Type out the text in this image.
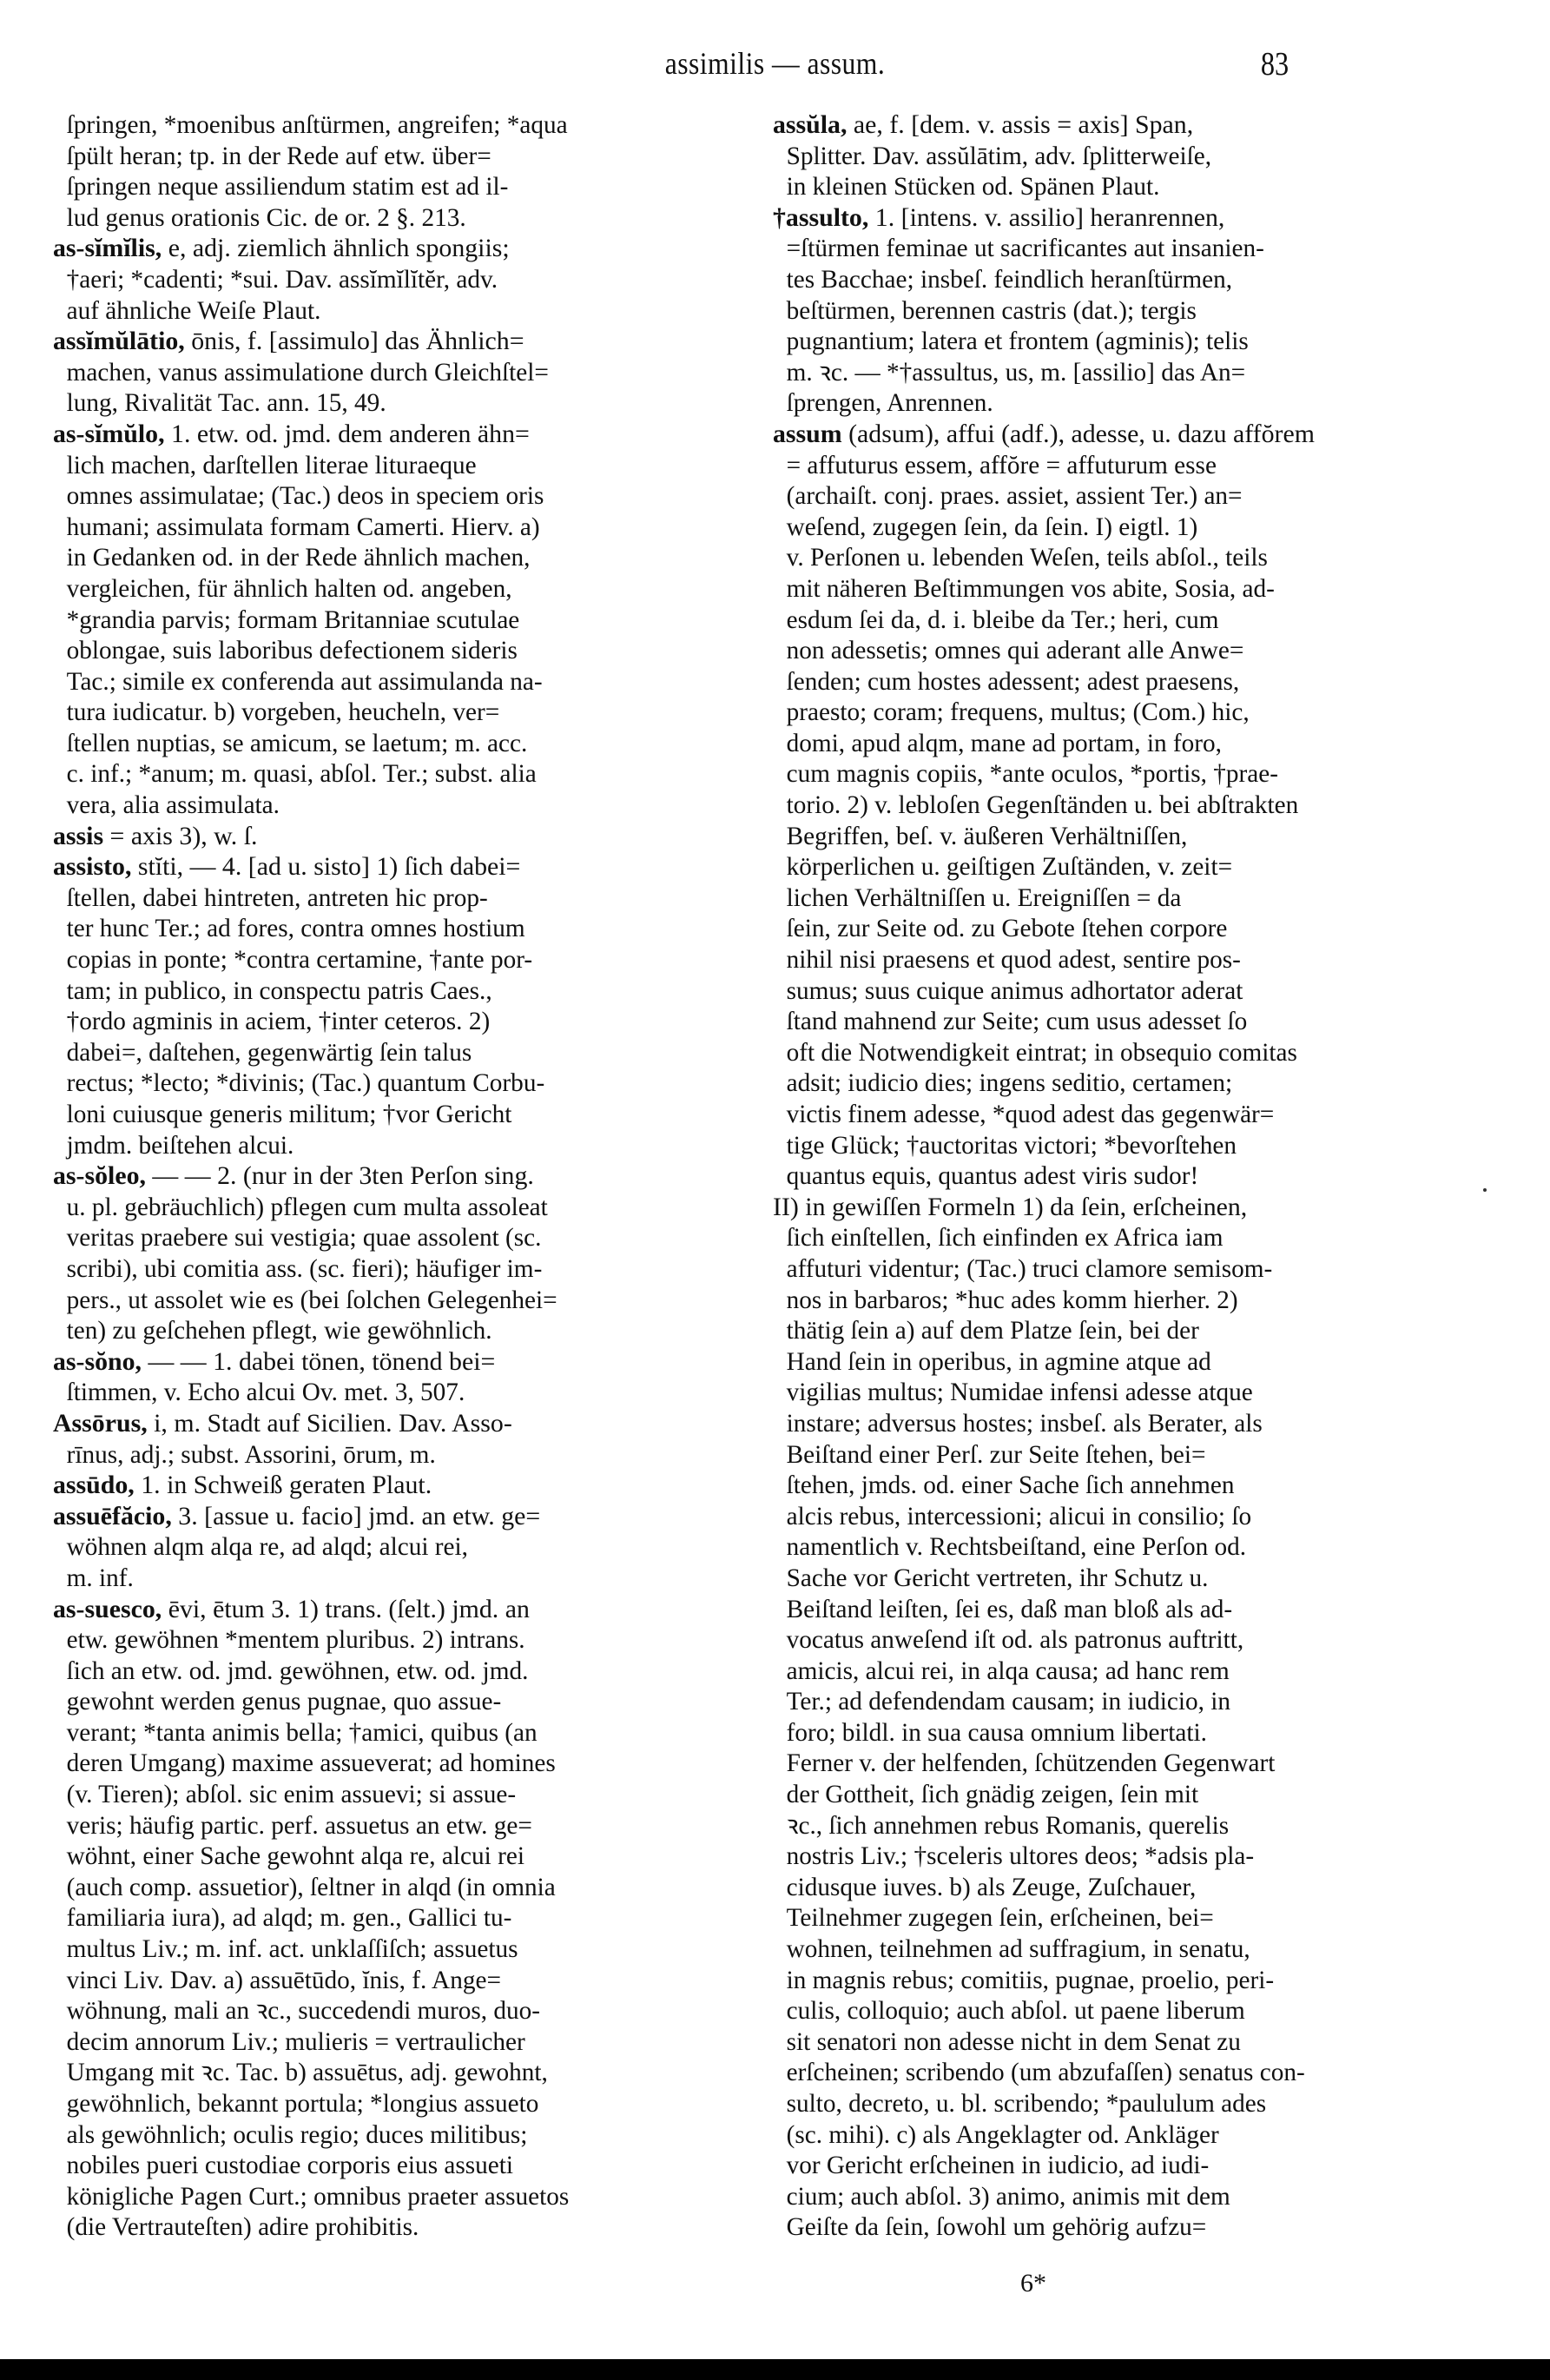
assimilis — assum.	83
ſpringen, *moenibus anſtürmen, angreifen; *aqua
ſpült heran; tp. in der Rede auf etw. über=
ſpringen neque assiliendum statim est ad il-
lud genus orationis Cic. de or. 2 §. 213.
as-sĭmĭlis, e, adj. ziemlich ähnlich spongiis;
†aeri; *cadenti; *sui. Dav. assĭmĭlĭtĕr, adv.
auf ähnliche Weiſe Plaut.
assĭmŭlātio, ōnis, f. [assimulo] das Ähnlich=
machen, vanus assimulatione durch Gleichſtel=
lung, Rivalität Tac. ann. 15, 49.
as-sĭmŭlo, 1. etw. od. jmd. dem anderen ähn=
lich machen, darſtellen literae lituraeque
omnes assimulatae; (Tac.) deos in speciem oris
humani; assimulata formam Camerti. Hierv. a)
in Gedanken od. in der Rede ähnlich machen,
vergleichen, für ähnlich halten od. angeben,
*grandia parvis; formam Britanniae scutulae
oblongae, suis laboribus defectionem sideris
Tac.; simile ex conferenda aut assimulanda na-
tura iudicatur. b) vorgeben, heucheln, ver=
ſtellen nuptias, se amicum, se laetum; m. acc.
c. inf.; *anum; m. quasi, abſol. Ter.; subst. alia
vera, alia assimulata.
assis = axis 3), w. ſ.
assisto, stĭti, — 4. [ad u. sisto] 1) ſich dabei=
ſtellen, dabei hintreten, antreten hic prop-
ter hunc Ter.; ad fores, contra omnes hostium
copias in ponte; *contra certamine, †ante por-
tam; in publico, in conspectu patris Caes.,
†ordo agminis in aciem, †inter ceteros. 2)
dabei=, daſtehen, gegenwärtig ſein talus
rectus; *lecto; *divinis; (Tac.) quantum Corbu-
loni cuiusque generis militum; †vor Gericht
jmdm. beiſtehen alcui.
as-sŏleo, — — 2. (nur in der 3ten Perſon sing.
u. pl. gebräuchlich) pflegen cum multa assoleat
veritas praebere sui vestigia; quae assolent (sc.
scribi), ubi comitia ass. (sc. fieri); häufiger im-
pers., ut assolet wie es (bei ſolchen Gelegenhei=
ten) zu geſchehen pflegt, wie gewöhnlich.
as-sŏno, — — 1. dabei tönen, tönend bei=
ſtimmen, v. Echo alcui Ov. met. 3, 507.
Assōrus, i, m. Stadt auf Sicilien. Dav. Asso-
rīnus, adj.; subst. Assorini, ōrum, m.
assūdo, 1. in Schweiß geraten Plaut.
assuēfăcio, 3. [assue u. facio] jmd. an etw. ge=
wöhnen alqm alqa re, ad alqd; alcui rei,
m. inf.
as-suesco, ēvi, ētum 3. 1) trans. (ſelt.) jmd. an
etw. gewöhnen *mentem pluribus. 2) intrans.
ſich an etw. od. jmd. gewöhnen, etw. od. jmd.
gewohnt werden genus pugnae, quo assue-
verant; *tanta animis bella; †amici, quibus (an
deren Umgang) maxime assueverat; ad homines
(v. Tieren); abſol. sic enim assuevi; si assue-
veris; häufig partic. perf. assuetus an etw. ge=
wöhnt, einer Sache gewohnt alqa re, alcui rei
(auch comp. assuetior), ſeltner in alqd (in omnia
familiaria iura), ad alqd; m. gen., Gallici tu-
multus Liv.; m. inf. act. unklaſſiſch; assuetus
vinci Liv. Dav. a) assuētūdo, ĭnis, f. Ange=
wöhnung, mali an ꝛc., succedendi muros, duo-
decim annorum Liv.; mulieris = vertraulicher
Umgang mit ꝛc. Tac. b) assuētus, adj. gewohnt,
gewöhnlich, bekannt portula; *longius assueto
als gewöhnlich; oculis regio; duces militibus;
nobiles pueri custodiae corporis eius assueti
königliche Pagen Curt.; omnibus praeter assuetos
(die Vertrauteſten) adire prohibitis.
assŭla, ae, f. [dem. v. assis = axis] Span,
Splitter. Dav. assŭlātim, adv. ſplitterweiſe,
in kleinen Stücken od. Spänen Plaut.
†assulto, 1. [intens. v. assilio] heranrennen,
=ſtürmen feminae ut sacrificantes aut insanien-
tes Bacchae; insbeſ. feindlich heranſtürmen,
beſtürmen, berennen castris (dat.); tergis
pugnantium; latera et frontem (agminis); telis
m. ꝛc. — *†assultus, us, m. [assilio] das An=
ſprengen, Anrennen.
assum (adsum), affui (adf.), adesse, u. dazu affŏrem
= affuturus essem, affŏre = affuturum esse
(archaiſt. conj. praes. assiet, assient Ter.) an=
weſend, zugegen ſein, da ſein. I) eigtl. 1)
v. Perſonen u. lebenden Weſen, teils abſol., teils
mit näheren Beſtimmungen vos abite, Sosia, ad-
esdum ſei da, d. i. bleibe da Ter.; heri, cum
non adessetis; omnes qui aderant alle Anwe=
ſenden; cum hostes adessent; adest praesens,
praesto; coram; frequens, multus; (Com.) hic,
domi, apud alqm, mane ad portam, in foro,
cum magnis copiis, *ante oculos, *portis, †prae-
torio. 2) v. lebloſen Gegenſtänden u. bei abſtrakten
Begriffen, beſ. v. äußeren Verhältniſſen,
körperlichen u. geiſtigen Zuſtänden, v. zeit=
lichen Verhältniſſen u. Ereigniſſen = da
ſein, zur Seite od. zu Gebote ſtehen corpore
nihil nisi praesens et quod adest, sentire pos-
sumus; suus cuique animus adhortator aderat
ſtand mahnend zur Seite; cum usus adesset ſo
oft die Notwendigkeit eintrat; in obsequio comitas
adsit; iudicio dies; ingens seditio, certamen;
victis finem adesse, *quod adest das gegenwär=
tige Glück; †auctoritas victori; *bevorſtehen
quantus equis, quantus adest viris sudor!
II) in gewiſſen Formeln 1) da ſein, erſcheinen,
ſich einſtellen, ſich einfinden ex Africa iam
affuturi videntur; (Tac.) truci clamore semisom-
nos in barbaros; *huc ades komm hierher. 2)
thätig ſein a) auf dem Platze ſein, bei der
Hand ſein in operibus, in agmine atque ad
vigilias multus; Numidae infensi adesse atque
instare; adversus hostes; insbeſ. als Berater, als
Beiſtand einer Perſ. zur Seite ſtehen, bei=
ſtehen, jmds. od. einer Sache ſich annehmen
alcis rebus, intercessioni; alicui in consilio; ſo
namentlich v. Rechtsbeiſtand, eine Perſon od.
Sache vor Gericht vertreten, ihr Schutz u.
Beiſtand leiſten, ſei es, daß man bloß als ad-
vocatus anweſend iſt od. als patronus auftritt,
amicis, alcui rei, in alqa causa; ad hanc rem
Ter.; ad defendendam causam; in iudicio, in
foro; bildl. in sua causa omnium libertati.
Ferner v. der helfenden, ſchützenden Gegenwart
der Gottheit, ſich gnädig zeigen, ſein mit
ꝛc., ſich annehmen rebus Romanis, querelis
nostris Liv.; †sceleris ultores deos; *adsis pla-
cidusque iuves. b) als Zeuge, Zuſchauer,
Teilnehmer zugegen ſein, erſcheinen, bei=
wohnen, teilnehmen ad suffragium, in senatu,
in magnis rebus; comitiis, pugnae, proelio, peri-
culis, colloquio; auch abſol. ut paene liberum
sit senatori non adesse nicht in dem Senat zu
erſcheinen; scribendo (um abzufaſſen) senatus con-
sulto, decreto, u. bl. scribendo; *paululum ades
(sc. mihi). c) als Angeklagter od. Ankläger
vor Gericht erſcheinen in iudicio, ad iudi-
cium; auch abſol. 3) animo, animis mit dem
Geiſte da ſein, ſowohl um gehörig aufzu=
6*
